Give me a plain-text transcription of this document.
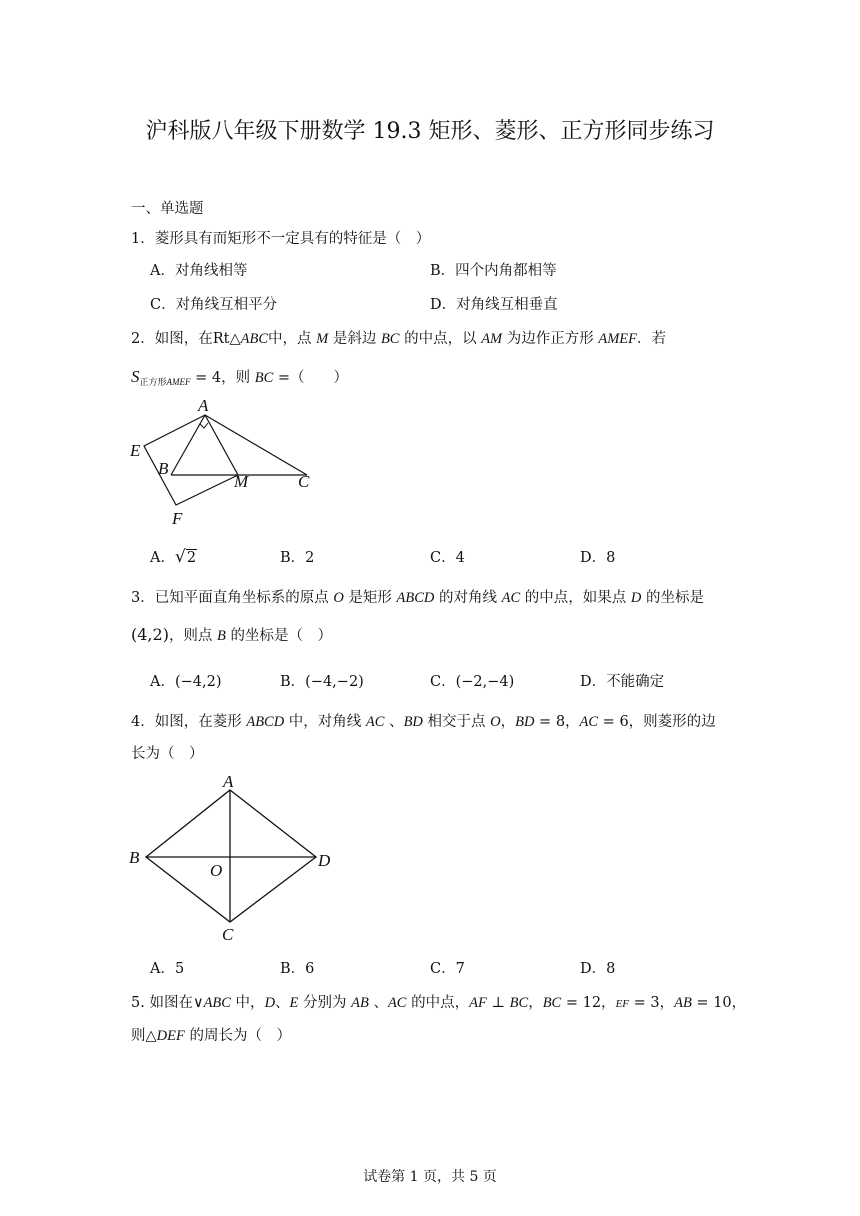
沪科版八年级下册数学 19.3 矩形、菱形、正方形同步练习
一、单选题
1．菱形具有而矩形不一定具有的特征是（　）
A．对角线相等	B．四个内角都相等
C．对角线互相平分	D．对角线互相垂直
2．如图，在Rt△ABC中，点 M 是斜边 BC 的中点，以 AM 为边作正方形 AMEF．若
$S_{正方形AMEF} = 4$，则 BC =（　　）
A
E
B
M	C
F
A．√2	B．2	C．4	D．8
3．已知平面直角坐标系的原点 O 是矩形 ABCD 的对角线 AC 的中点，如果点 D 的坐标是
(4,2)，则点 B 的坐标是（　）
A．(−4,2)	B．(−4,−2)	C．(−2,−4)	D．不能确定
4．如图，在菱形 ABCD 中，对角线 AC 、BD 相交于点 O，BD = 8，AC = 6，则菱形的边
长为（　）
A
B	D
O
C
A．5	B．6	C．7	D．8
5. 如图在∨ABC 中，D、E 分别为 AB 、AC 的中点，AF ⊥ BC，BC = 12，EF = 3，AB = 10，
则△DEF 的周长为（　）
试卷第 1 页，共 5 页
